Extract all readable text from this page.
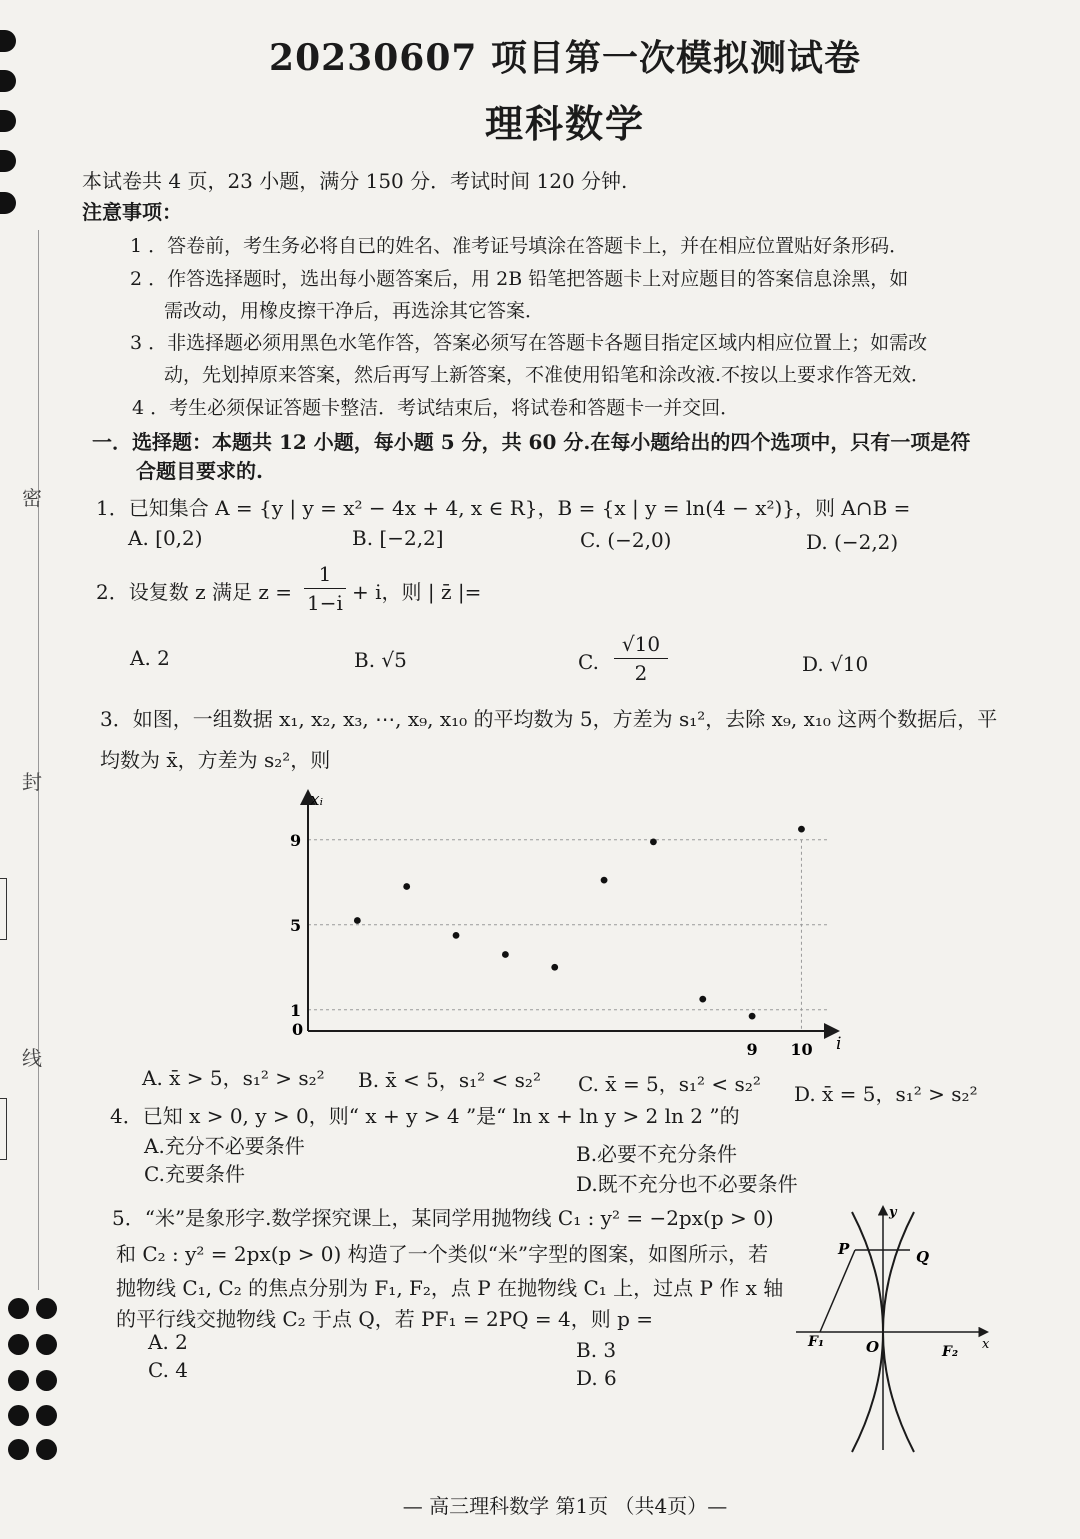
密
封
线
20230607 项目第一次模拟测试卷
理科数学
本试卷共 4 页，23 小题，满分 150 分．考试时间 120 分钟.
注意事项：
1 ．答卷前，考生务必将自已的姓名、准考证号填涂在答题卡上，并在相应位置贴好条形码．
2 ．作答选择题时，选出每小题答案后，用 2B 铅笔把答题卡上对应题目的答案信息涂黑，如
需改动，用橡皮擦干净后，再选涂其它答案．
3 ．非选择题必须用黑色水笔作答，答案必须写在答题卡各题目指定区域内相应位置上；如需改
动，先划掉原来答案，然后再写上新答案，不准使用铅笔和涂改液.不按以上要求作答无效．
4 ．考生必须保证答题卡整洁．考试结束后，将试卷和答题卡一并交回．
一．选择题：本题共 12 小题，每小题 5 分，共 60 分.在每小题给出的四个选项中，只有一项是符
合题目要求的.
1．已知集合 A = {y | y = x² − 4x + 4, x ∈ R}，B = {x | y = ln(4 − x²)}，则 A∩B =
A. [0,2)	B. [−2,2]	C. (−2,0)	D. (−2,2)
2．设复数 z 满足 z =
1
1−i + i，则 | z̄ |=
A. 2	B. √5	C.
√10
2	D. √10
3．如图，一组数据 x₁, x₂, x₃, ⋯, x₉, x₁₀ 的平均数为 5，方差为 s₁²，去除 x₉, x₁₀ 这两个数据后，平
均数为 x̄，方差为 s₂²，则
xᵢ
i
0
9
5
1
9 10
A. x̄ > 5，s₁² > s₂² B. x̄ < 5，s₁² < s₂² C. x̄ = 5，s₁² < s₂² D. x̄ = 5，s₁² > s₂²
4．已知 x > 0, y > 0，则“ x + y > 4 ”是“ ln x + ln y > 2 ln 2 ”的
A.充分不必要条件	B.必要不充分条件
C.充要条件	D.既不充分也不必要条件
5．“米”是象形字.数学探究课上，某同学用抛物线 C₁ : y² = −2px(p > 0)
和 C₂ : y² = 2px(p > 0) 构造了一个类似“米”字型的图案，如图所示，若
抛物线 C₁, C₂ 的焦点分别为 F₁, F₂，点 P 在抛物线 C₁ 上，过点 P 作 x 轴
的平行线交抛物线 C₂ 于点 Q，若 PF₁ = 2PQ = 4，则 p =
A. 2	B. 3
C. 4	D. 6
y
x
P	Q
F₁
F₂
O
— 高三理科数学 第1页 （共4页）—
